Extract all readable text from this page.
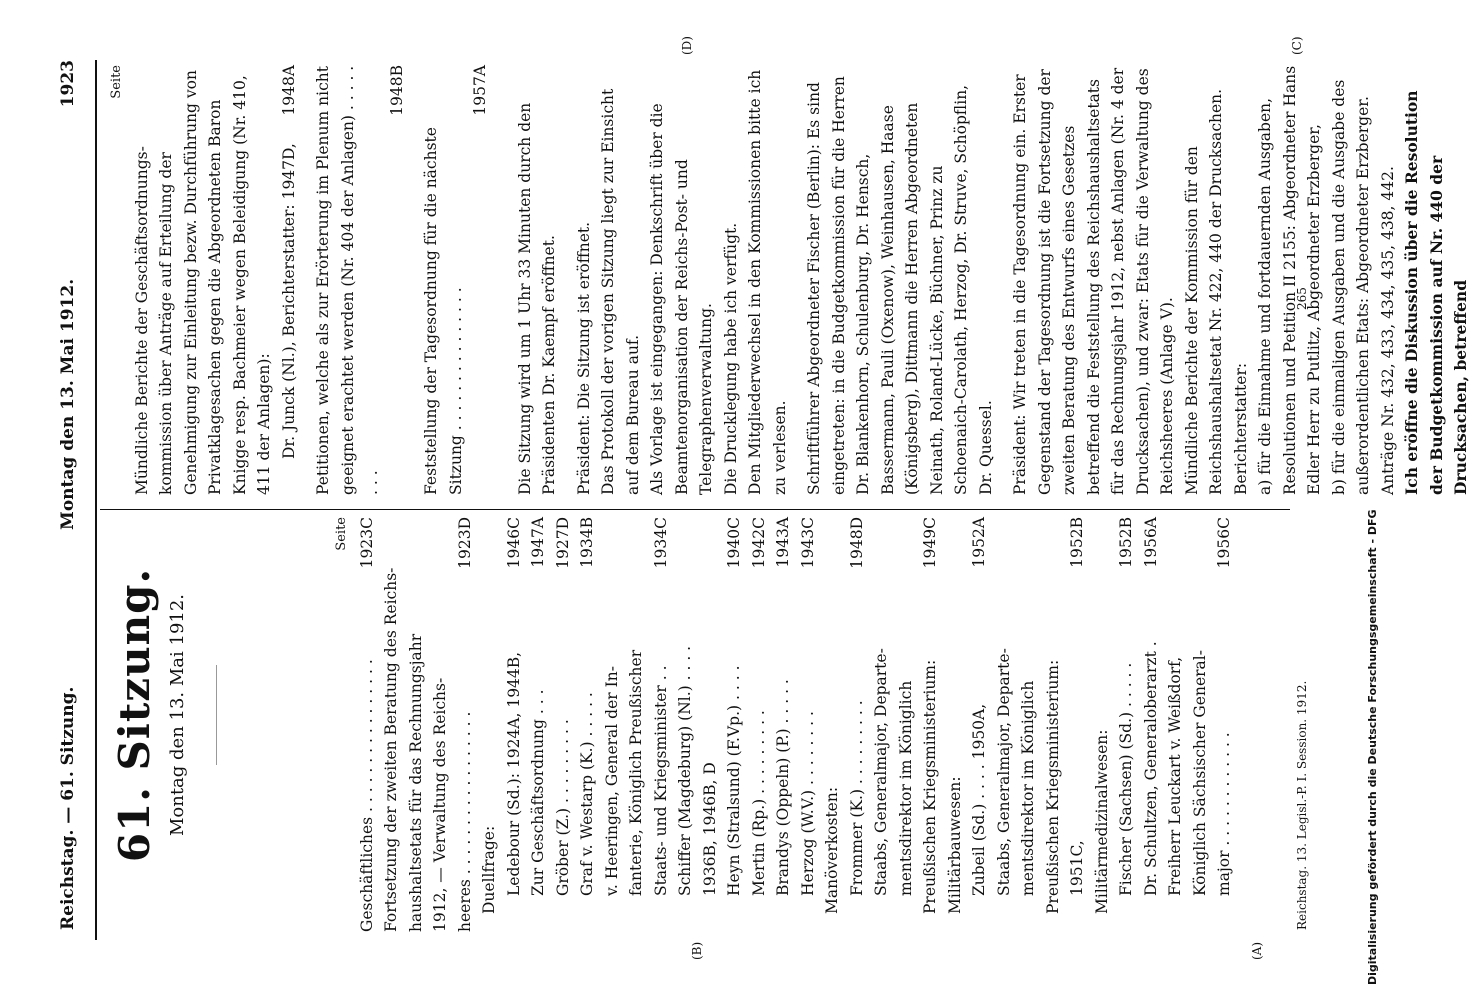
Reichstag. — 61. Sitzung.
Montag den 13. Mai 1912.
1923
(A)
(B)
(C)
(D)
61. Sitzung. Montag den 13. Mai 1912.
Seite
Geschäftliches . . . . . . . . . . . . . . . .
1923C
Fortsetzung der zweiten Beratung des Reichs- haushaltsetats für das Rechnungsjahr 1912, — Verwaltung des Reichs- heeres . . . . . . . . . . . . . . . . .
1923D
Duellfrage: Ledebour (Sd.): 1924A, 1944B,
1946C
Zur Geschäftsordnung . . .
1947A
Gröber (Z.) . . . . . . . . .
1927D
Graf v. Westarp (K.) . . . . .
1934B
v. Heeringen, General der In- fanterie, Königlich Preußischer Staats- und Kriegsminister . .
1934C
Schiffer (Magdeburg) (Nl.) . . . . 1936B, 1946B, D Heyn (Stralsund) (F.Vp.) . . . .
1940C
Mertin (Rp.) . . . . . . . . .
1942C
Brandys (Oppeln) (P.) . . . . .
1943A
Herzog (W.V.) . . . . . . . .
1943C
Manöverkosten: Frommer (K.) . . . . . . . . .
1948D
Staabs, Generalmajor, Departe- mentsdirektor im Königlich Preußischen Kriegsministerium:
1949C
Militärbauwesen: Zubeil (Sd.) . . . . 1950A,
1952A
Staabs, Generalmajor, Departe- mentsdirektor im Königlich Preußischen Kriegsministerium: 1951C,
1952B
Militärmedizinalwesen: Fischer (Sachsen) (Sd.) . . . . .
1952B
Dr. Schultzen, Generaloberarzt .
1956A
Freiherr Leuckart v. Weißdorf, Königlich Sächsischer General- major . . . . . . . . . . . .
1956C
Seite
Mündliche Berichte der Geschäftsordnungs-kommission über Anträge auf Erteilung der Genehmigung zur Einleitung bezw. Durchführung von Privatklagesachen gegen die Abgeordneten Baron Knigge resp. Bachmeier wegen Beleidigung (Nr. 410, 411 der Anlagen): Dr. Junck (Nl.), Berichterstatter: 1947D,
1948A Petitionen, welche als zur Erörterung im Plenum nicht geeignet erachtet werden (Nr. 404 der Anlagen) . . . . . . . .
1948B
Feststellung der Tagesordnung für die nächste Sitzung . . . . . . . . . . . . . . .
1957A
Die Sitzung wird um 1 Uhr 33 Minuten durch den Präsidenten Dr. Kaempf eröffnet. Präsident: Die Sitzung ist eröffnet. Das Protokoll der vorigen Sitzung liegt zur Einsicht auf dem Bureau auf. Als Vorlage ist eingegangen: Denkschrift über die Beamtenorganisation der Reichs-Post- und Telegraphenverwaltung. Die Drucklegung habe ich verfügt. Den Mitgliederwechsel in den Kommissionen bitte ich zu verlesen. Schriftführer Abgeordneter Fischer (Berlin): Es sind eingetreten: in die Budgetkommission für die Herren Dr. Blankenhorn, Schulenburg, Dr. Hensch, Bassermann, Pauli (Oxenow), Weinhausen, Haase (Königsberg), Dittmann die Herren Abgeordneten Neinath, Roland-Lücke, Büchner, Prinz zu Schoenaich-Carolath, Herzog, Dr. Struve, Schöpflin, Dr. Quessel. Präsident: Wir treten in die Tagesordnung ein. Erster Gegenstand der Tagesordnung ist die Fortsetzung der zweiten Beratung des Entwurfs eines Gesetzes betreffend die Feststellung des Reichshaushaltsetats für das Rechnungsjahr 1912, nebst Anlagen (Nr. 4 der Drucksachen), und zwar: Etats für die Verwaltung des Reichsheeres (Anlage V). Mündliche Berichte der Kommission für den Reichshaushaltsetat Nr. 422, 440 der Drucksachen. Berichterstatter: a) für die Einnahme und fortdauernden Ausgaben, Resolutionen und Petition II 2155: Abgeordneter Hans Edler Herr zu Putlitz, Abgeordneter Erzberger, b) für die einmaligen Ausgaben und die Ausgabe des außerordentlichen Etats: Abgeordneter Erzberger. Anträge Nr. 432, 433, 434, 435, 438, 442. Ich eröffne die Diskussion über die Resolution der Budgetkommission auf Nr. 440 der Drucksachen, betreffend
Reichstag. 13. Legisl.-P. I. Session. 1912.
265
Digitalisierung gefördert durch die Deutsche Forschungsgemeinschaft - DFG
